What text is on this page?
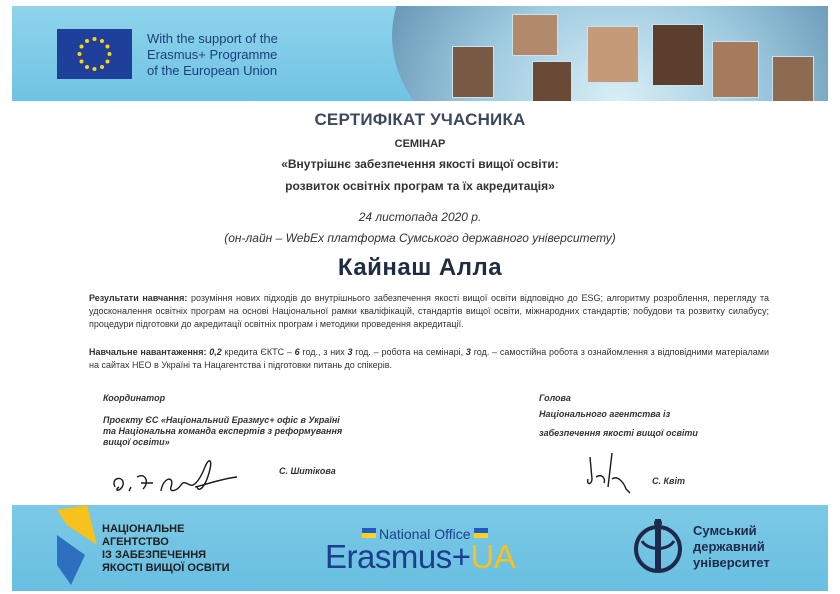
With the support of the
Erasmus+ Programme
of the European Union
СЕРТИФІКАТ УЧАСНИКА
СЕМІНАР
«Внутрішнє забезпечення якості вищої освіти:
розвиток освітніх програм та їх акредитація»
24 листопада 2020 р.
(он-лайн – WebEx платформа Сумського державного університету)
Кайнаш Алла
Результати навчання: розуміння нових підходів до внутрішнього забезпечення якості вищої освіти відповідно до ESG; алгоритму розроблення, перегляду та удосконалення освітніх програм на основі Національної рамки кваліфікацій, стандартів вищої освіти, міжнародних стандартів; побудови та розвитку силабусу; процедури підготовки до акредитації освітніх програм і методики проведення акредитації.
Навчальне навантаження: 0,2 кредита ЄКТС – 6 год., з них 3 год. – робота на семінарі, 3 год. – самостійна робота з ознайомлення з відповідними матеріалами на сайтах НЕО в Україні та Нацагентства і підготовки питань до спікерів.
Координатор
Проєкту ЄС «Національний Еразмус+ офіс в Україні
та Національна команда експертів з реформування
вищої освіти»
Голова
Національного агентства із
забезпечення якості вищої освіти
С. Шитікова
С. Квіт
НАЦІОНАЛЬНЕ
АГЕНТСТВО
ІЗ ЗАБЕЗПЕЧЕННЯ
ЯКОСТІ ВИЩОЇ ОСВІТИ
National Office
Erasmus+UA
Сумський
державний
університет
